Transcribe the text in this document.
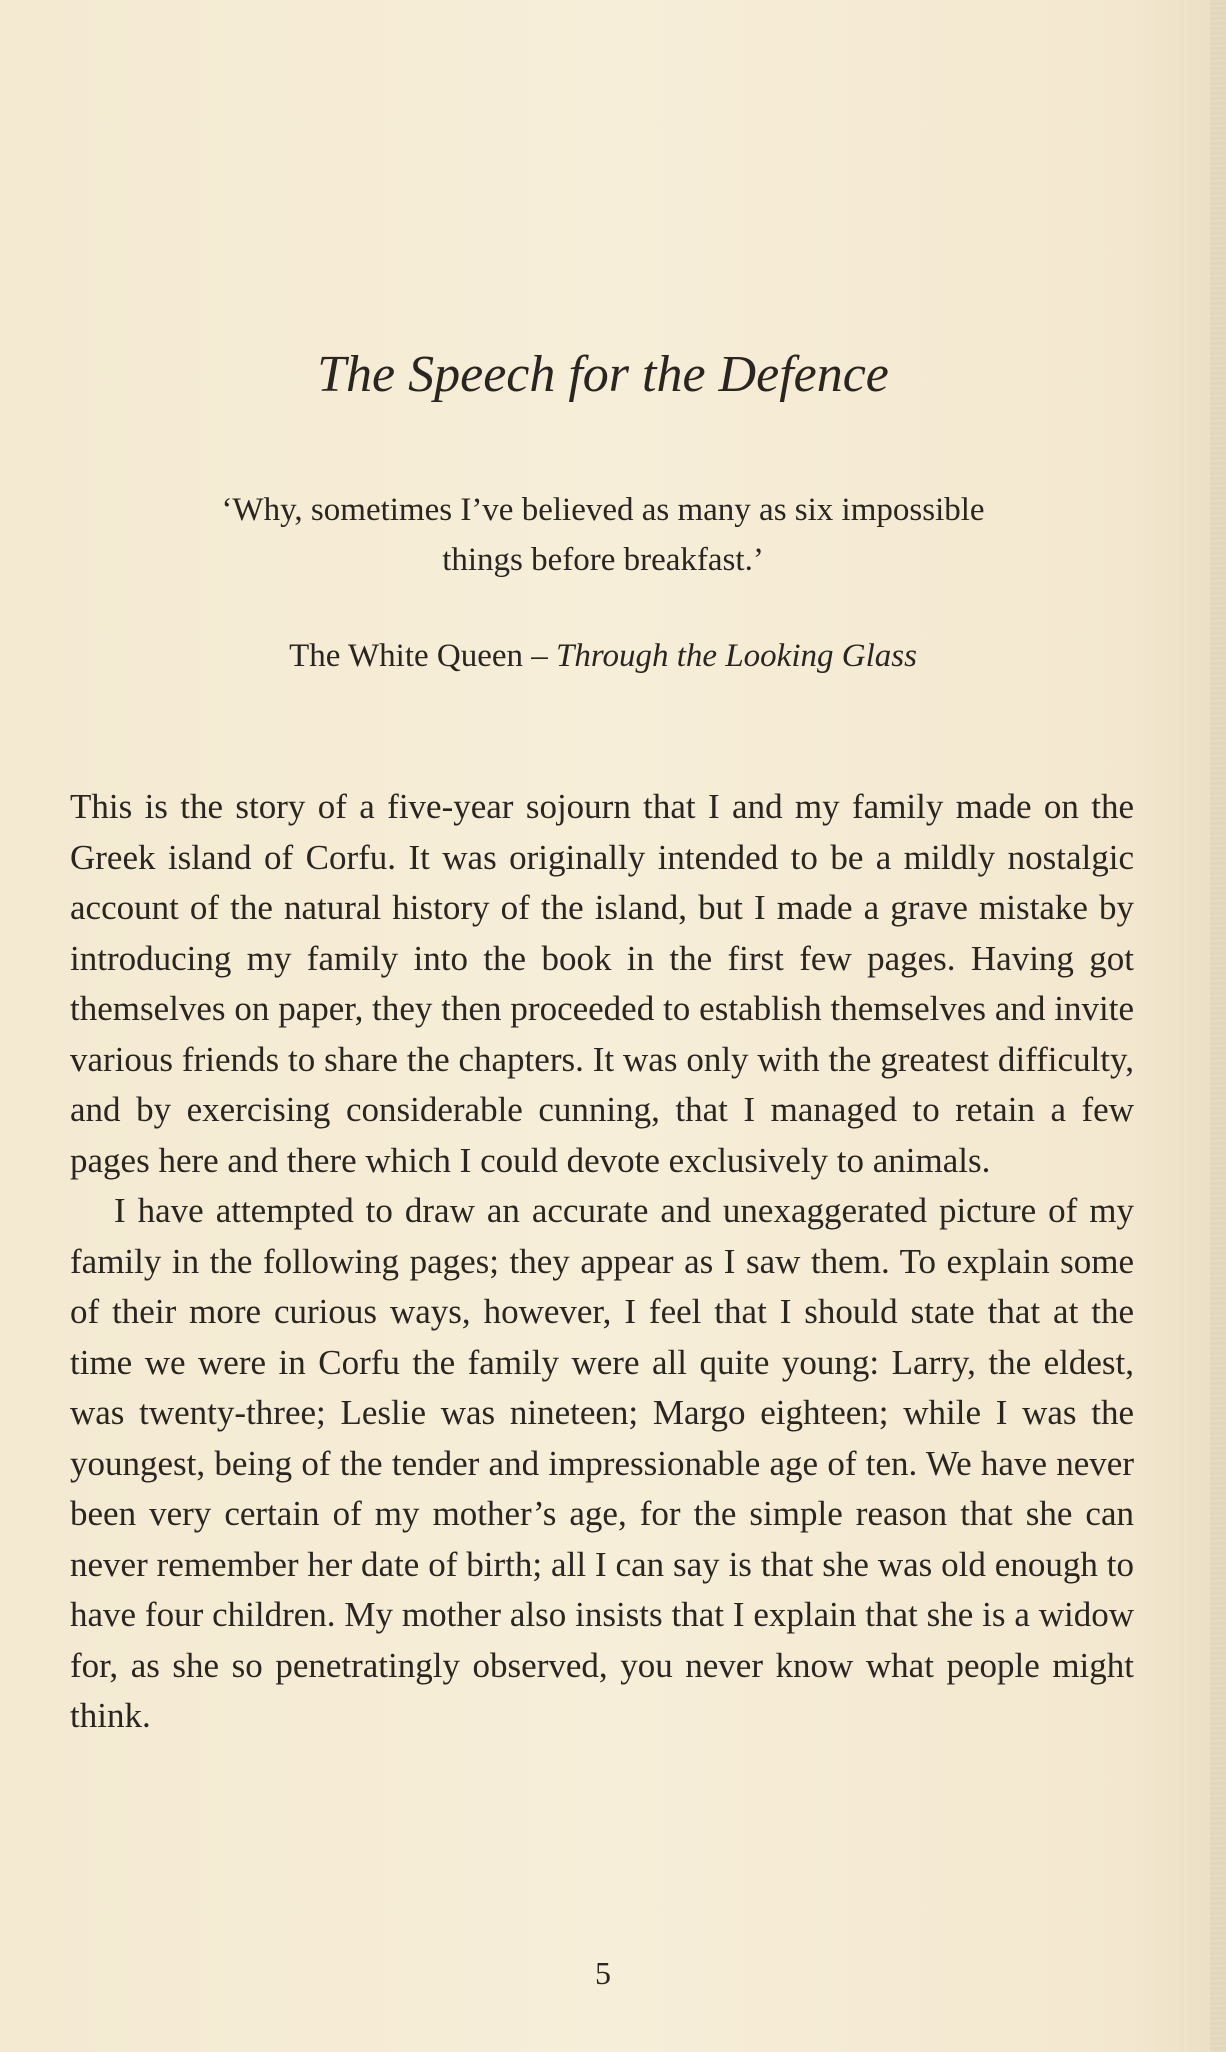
The Speech for the Defence
‘Why, sometimes I’ve believed as many as six impossible
things before breakfast.’
The White Queen – Through the Looking Glass

This is the story of a five-year sojourn that I and my family made on the Greek island of Corfu. It was originally intended to be a mildly nostalgic account of the natural history of the island, but I made a grave mistake by introducing my family into the book in the first few pages. Having got themselves on paper, they then proceeded to establish themselves and invite various friends to share the chapters. It was only with the greatest difficulty, and by exercising considerable cunning, that I managed to retain a few pages here and there which I could devote exclusively to animals.

I have attempted to draw an accurate and unexaggerated picture of my family in the following pages; they appear as I saw them. To explain some of their more curious ways, however, I feel that I should state that at the time we were in Corfu the family were all quite young: Larry, the eldest, was twenty-three; Leslie was nineteen; Margo eighteen; while I was the youngest, being of the tender and impressionable age of ten. We have never been very certain of my mother’s age, for the simple reason that she can never remember her date of birth; all I can say is that she was old enough to have four children. My mother also insists that I explain that she is a widow for, as she so penetratingly observed, you never know what people might think.

5
